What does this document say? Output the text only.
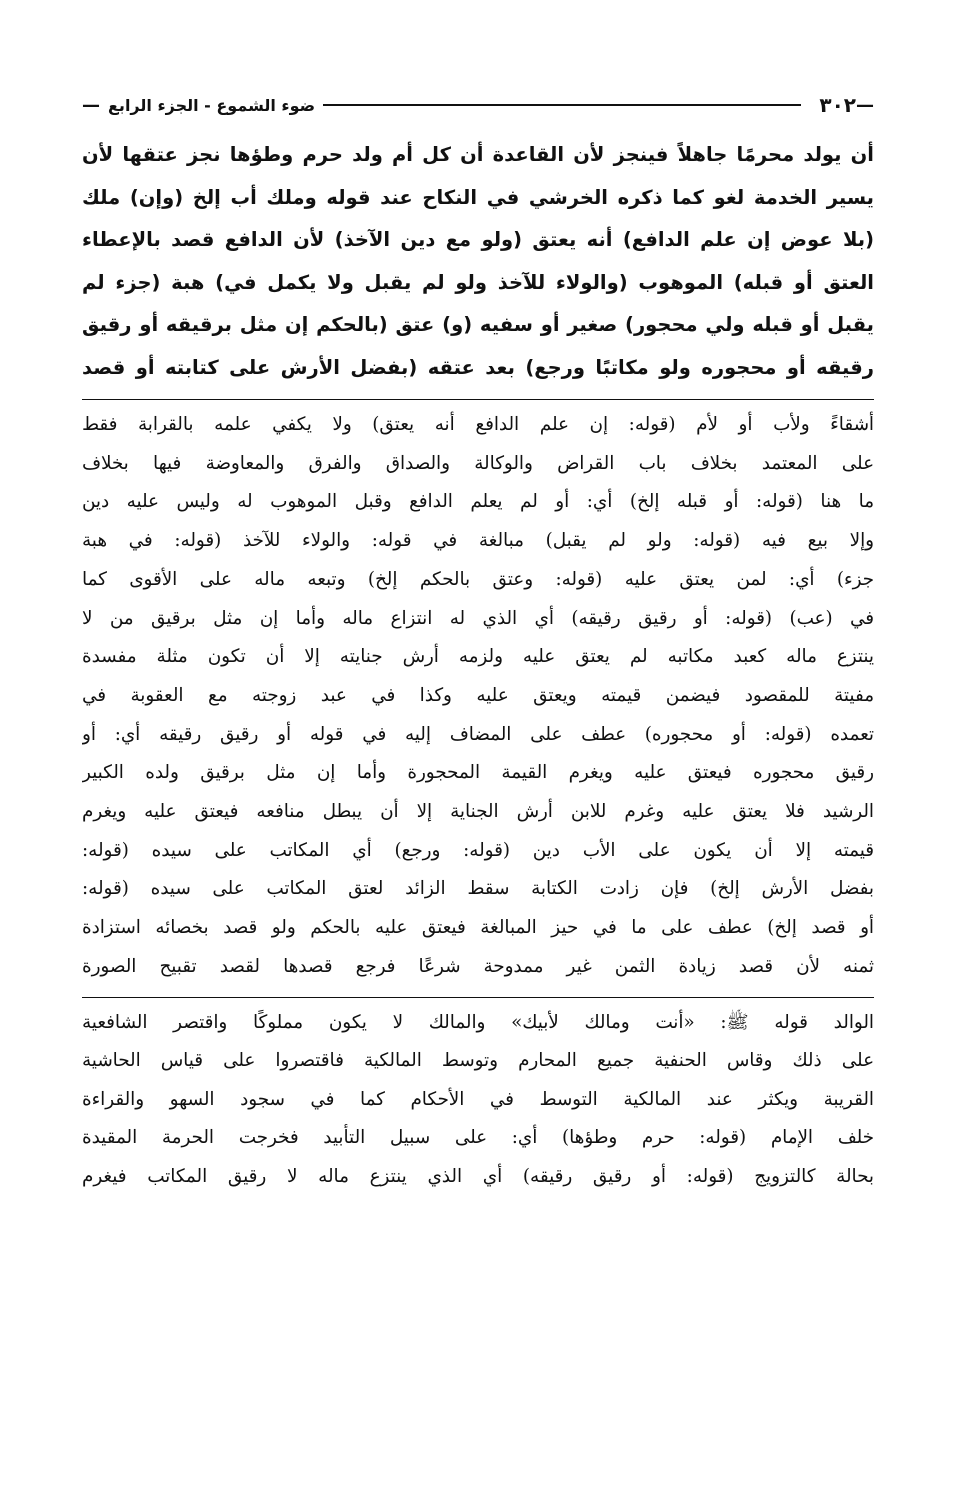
—
٣٠٢
ضوء الشموع - الجزء الرابع
—
أن يولد محرمًا جاهلاً فينجز لأن القاعدة أن كل أم ولد حرم وطؤها نجز عتقها لأن
يسير الخدمة لغو كما ذكره الخرشي في النكاح عند قوله وملك أب إلخ (وإن) ملك
(بلا عوض إن علم الدافع) أنه يعتق (ولو مع دين الآخذ) لأن الدافع قصد بالإعطاء
العتق أو قبله) الموهوب (والولاء للآخذ ولو لم يقبل ولا يكمل في) هبة (جزء لم
يقبل أو قبله ولي محجور) صغير أو سفيه (و) عتق (بالحكم إن مثل برقيقه أو رقيق
رقيقه أو محجوره ولو مكاتبًا ورجع) بعد عتقه (بفضل الأرش على كتابته أو قصد
أشقاءً ولأب أو لأم (قوله: إن علم الدافع أنه يعتق) ولا يكفي علمه بالقرابة فقط
على المعتمد بخلاف باب القراض والوكالة والصداق والفرق والمعاوضة فيها بخلاف
ما هنا (قوله: أو قبله إلخ) أي: أو لم يعلم الدافع وقبل الموهوب له وليس عليه دين
وإلا بيع فيه (قوله: ولو لم يقبل) مبالغة في قوله: والولاء للآخذ (قوله: في هبة
جزء) أي: لمن يعتق عليه (قوله: وعتق بالحكم إلخ) وتبعه ماله على الأقوى كما
في (عب) (قوله: أو رقيق رقيقه) أي الذي له انتزاع ماله وأما إن مثل برقيق من لا
ينتزع ماله كعبد مكاتبه لم يعتق عليه ولزمه أرش جنايته إلا أن تكون مثلة مفسدة
مفيتة للمقصود فيضمن قيمته ويعتق عليه وكذا في عبد زوجته مع العقوبة في
تعمده (قوله: أو محجوره) عطف على المضاف إليه في قوله أو رقيق رقيقه أي: أو
رقيق محجوره فيعتق عليه ويغرم القيمة المحجورة وأما إن مثل برقيق ولده الكبير
الرشيد فلا يعتق عليه وغرم للابن أرش الجناية إلا أن يبطل منافعه فيعتق عليه ويغرم
قيمته إلا أن يكون على الأب دين (قوله: ورجع) أي المكاتب على سيده (قوله:
بفضل الأرش إلخ) فإن زادت الكتابة سقط الزائد لعتق المكاتب على سيده (قوله:
أو قصد إلخ) عطف على ما في حيز المبالغة فيعتق عليه بالحكم ولو قصد بخصائه استزادة
ثمنه لأن قصد زيادة الثمن غير ممدوحة شرعًا فرجع قصدها لقصد تقبيح الصورة
الوالد قوله ﷺ: «أنت ومالك لأبيك» والمالك لا يكون مملوكًا واقتصر الشافعية
على ذلك وقاس الحنفية جميع المحارم وتوسط المالكية فاقتصروا على قياس الحاشية
القريبة ويكثر عند المالكية التوسط في الأحكام كما في سجود السهو والقراءة
خلف الإمام (قوله: حرم وطؤها) أي: على سبيل التأبيد فخرجت الحرمة المقيدة
بحالة كالتزويج (قوله: أو رقيق رقيقه) أي الذي ينتزع ماله لا رقيق المكاتب فيغرم
